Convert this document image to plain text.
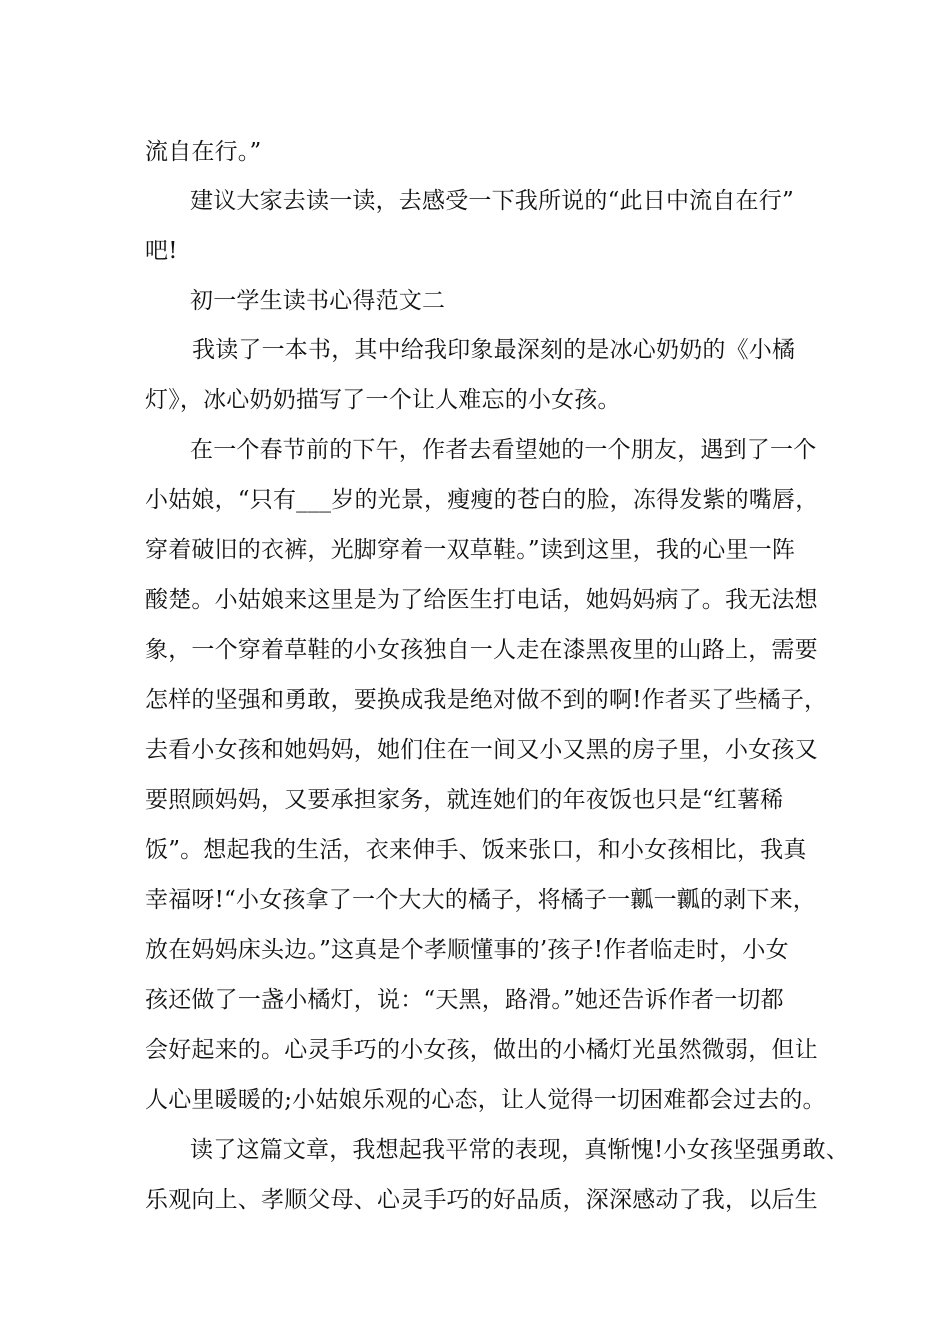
流自在行。”
建议大家去读一读，去感受一下我所说的“此日中流自在行”
吧!
初一学生读书心得范文二
我读了一本书，其中给我印象最深刻的是冰心奶奶的《小橘
灯》，冰心奶奶描写了一个让人难忘的小女孩。
在一个春节前的下午，作者去看望她的一个朋友，遇到了一个
小姑娘，“只有___岁的光景，瘦瘦的苍白的脸，冻得发紫的嘴唇，
穿着破旧的衣裤，光脚穿着一双草鞋。”读到这里，我的心里一阵
酸楚。小姑娘来这里是为了给医生打电话，她妈妈病了。我无法想
象，一个穿着草鞋的小女孩独自一人走在漆黑夜里的山路上，需要
怎样的坚强和勇敢，要换成我是绝对做不到的啊!作者买了些橘子，
去看小女孩和她妈妈，她们住在一间又小又黑的房子里，小女孩又
要照顾妈妈，又要承担家务，就连她们的年夜饭也只是“红薯稀
饭”。想起我的生活，衣来伸手、饭来张口，和小女孩相比，我真
幸福呀!“小女孩拿了一个大大的橘子，将橘子一瓤一瓤的剥下来，
放在妈妈床头边。”这真是个孝顺懂事的’孩子!作者临走时，小女
孩还做了一盏小橘灯，说：“天黑，路滑。”她还告诉作者一切都
会好起来的。心灵手巧的小女孩，做出的小橘灯光虽然微弱，但让
人心里暖暖的;小姑娘乐观的心态，让人觉得一切困难都会过去的。
读了这篇文章，我想起我平常的表现，真惭愧!小女孩坚强勇敢、
乐观向上、孝顺父母、心灵手巧的好品质，深深感动了我，以后生
